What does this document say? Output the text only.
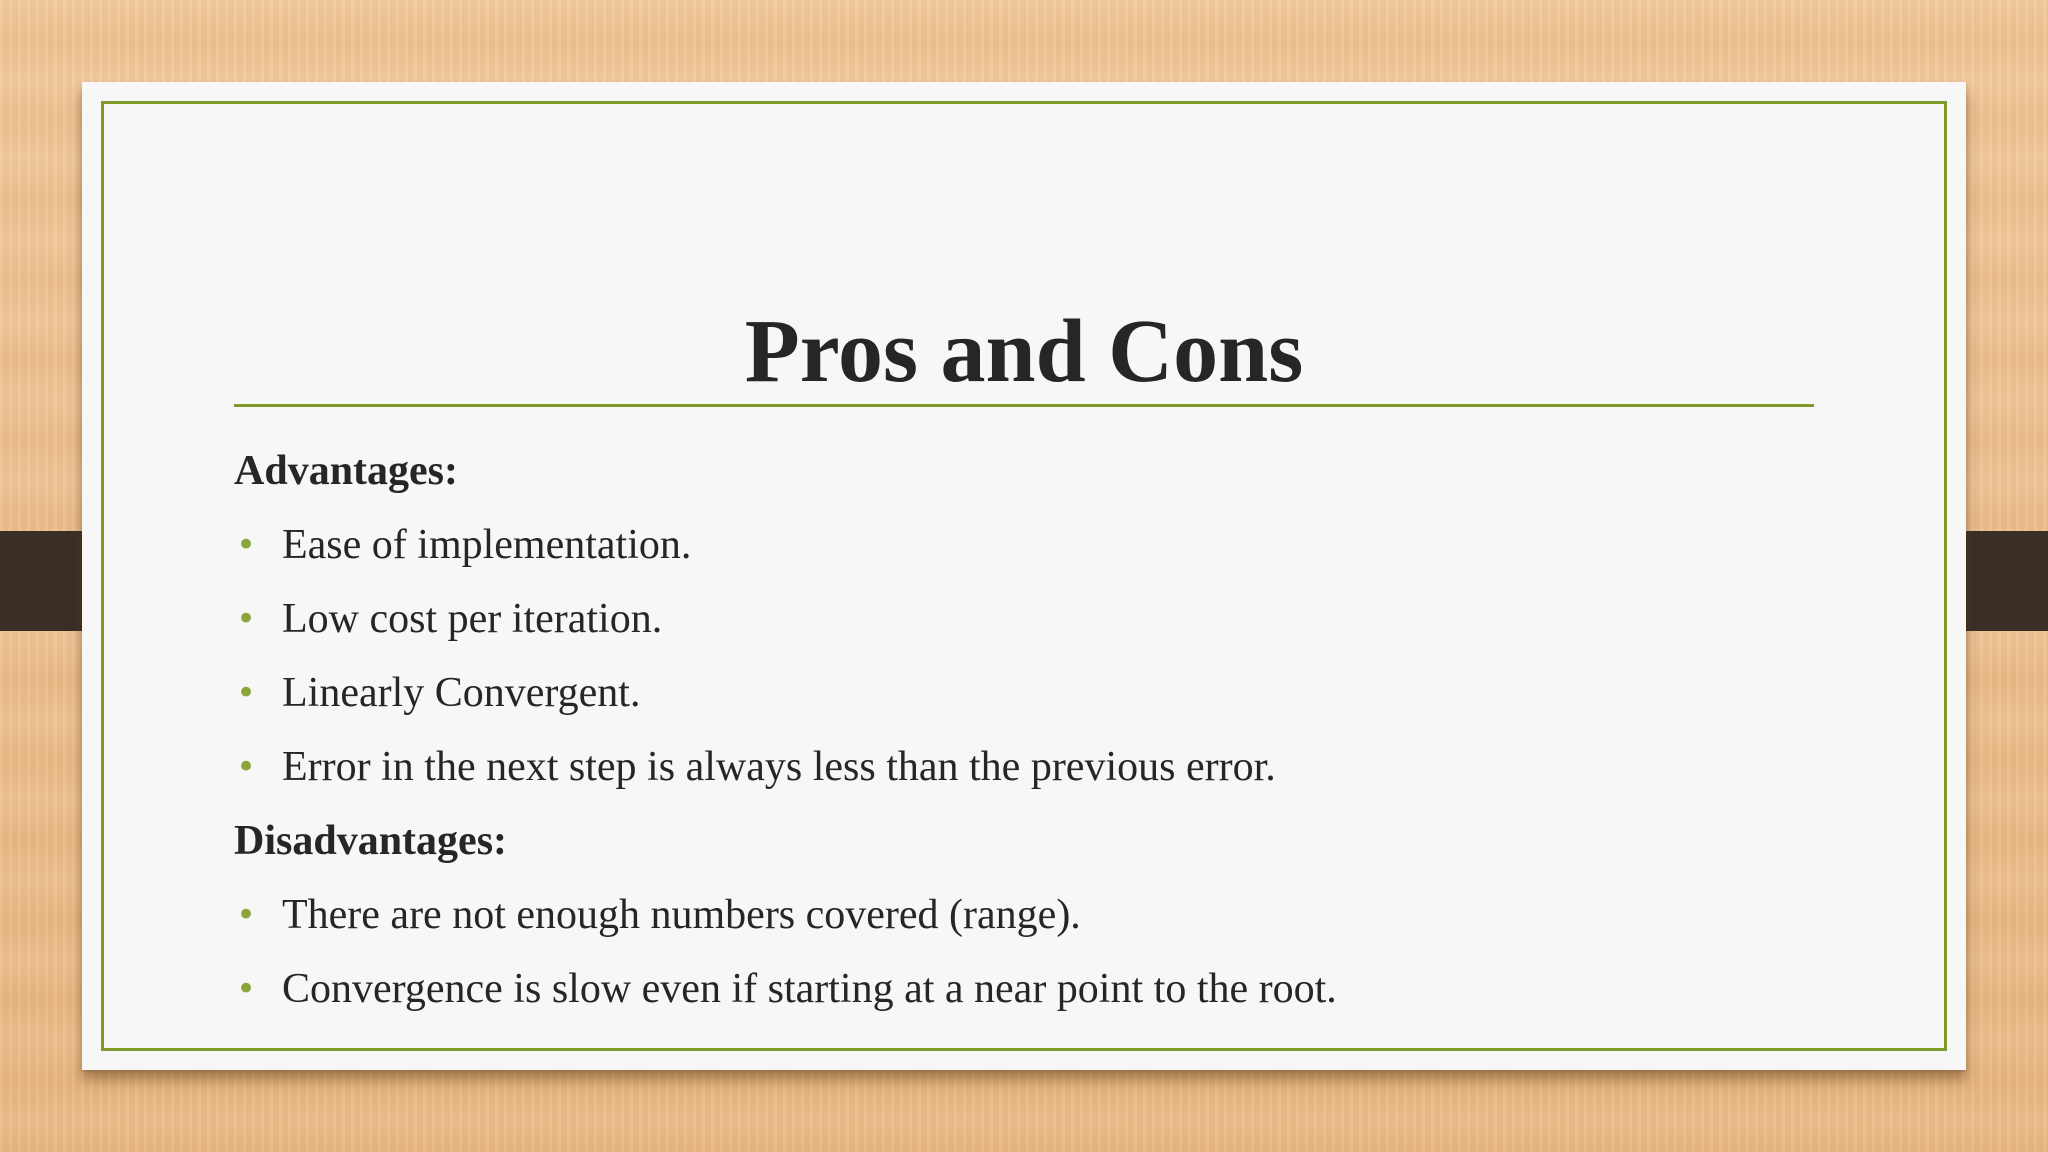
Pros and Cons
Advantages:
• Ease of implementation.
• Low cost per iteration.
• Linearly Convergent.
• Error in the next step is always less than the previous error.
Disadvantages:
• There are not enough numbers covered (range).
• Convergence is slow even if starting at a near point to the root.
